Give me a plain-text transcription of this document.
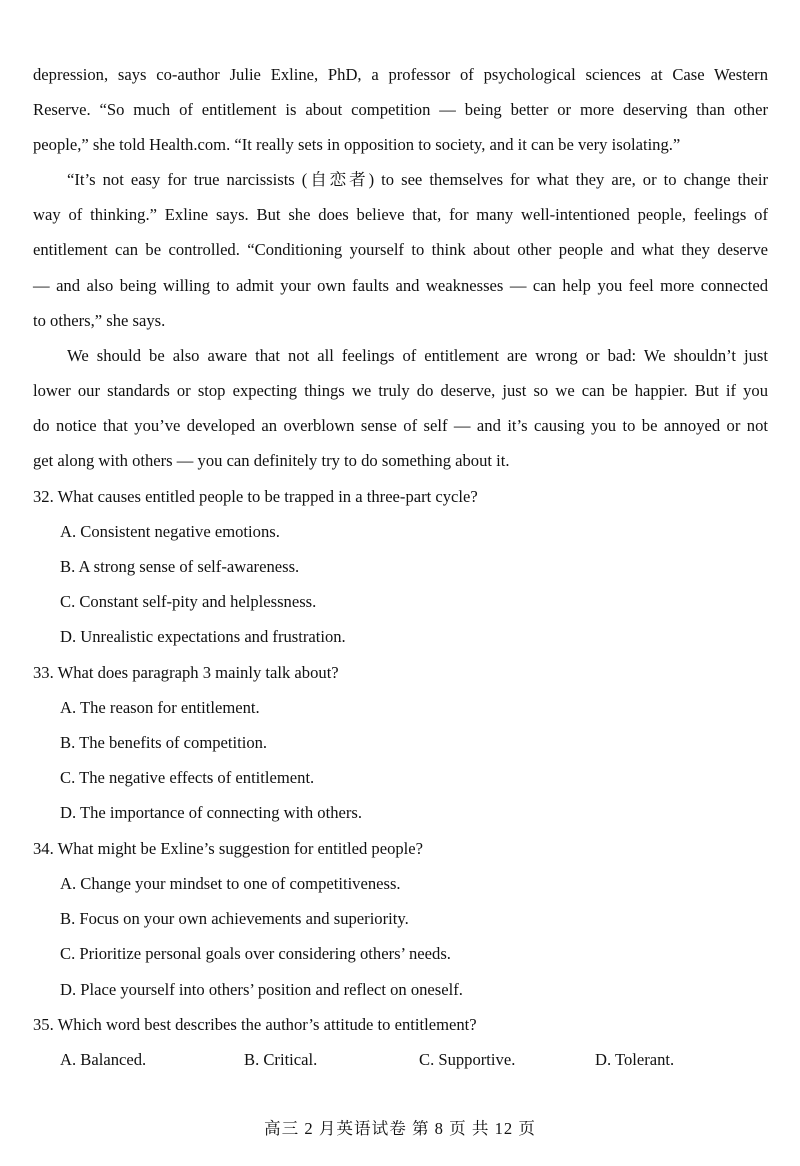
depression, says co-author Julie Exline, PhD, a professor of psychological sciences at Case Western
Reserve. “So much of entitlement is about competition — being better or more deserving than other
people,” she told Health.com. “It really sets in opposition to society, and it can be very isolating.”
“It’s not easy for true narcissists (自恋者) to see themselves for what they are, or to change their
way of thinking.” Exline says. But she does believe that, for many well-intentioned people, feelings of
entitlement can be controlled. “Conditioning yourself to think about other people and what they deserve
— and also being willing to admit your own faults and weaknesses — can help you feel more connected
to others,” she says.
We should be also aware that not all feelings of entitlement are wrong or bad: We shouldn’t just
lower our standards or stop expecting things we truly do deserve, just so we can be happier. But if you
do notice that you’ve developed an overblown sense of self — and it’s causing you to be annoyed or not
get along with others — you can definitely try to do something about it.
32. What causes entitled people to be trapped in a three-part cycle?
A. Consistent negative emotions.
B. A strong sense of self-awareness.
C. Constant self-pity and helplessness.
D. Unrealistic expectations and frustration.
33. What does paragraph 3 mainly talk about?
A. The reason for entitlement.
B. The benefits of competition.
C. The negative effects of entitlement.
D. The importance of connecting with others.
34. What might be Exline’s suggestion for entitled people?
A. Change your mindset to one of competitiveness.
B. Focus on your own achievements and superiority.
C. Prioritize personal goals over considering others’ needs.
D. Place yourself into others’ position and reflect on oneself.
35. Which word best describes the author’s attitude to entitlement?
A. Balanced.	B. Critical.	C. Supportive.	D. Tolerant.
高三 2 月英语试卷 第 8 页 共 12 页
